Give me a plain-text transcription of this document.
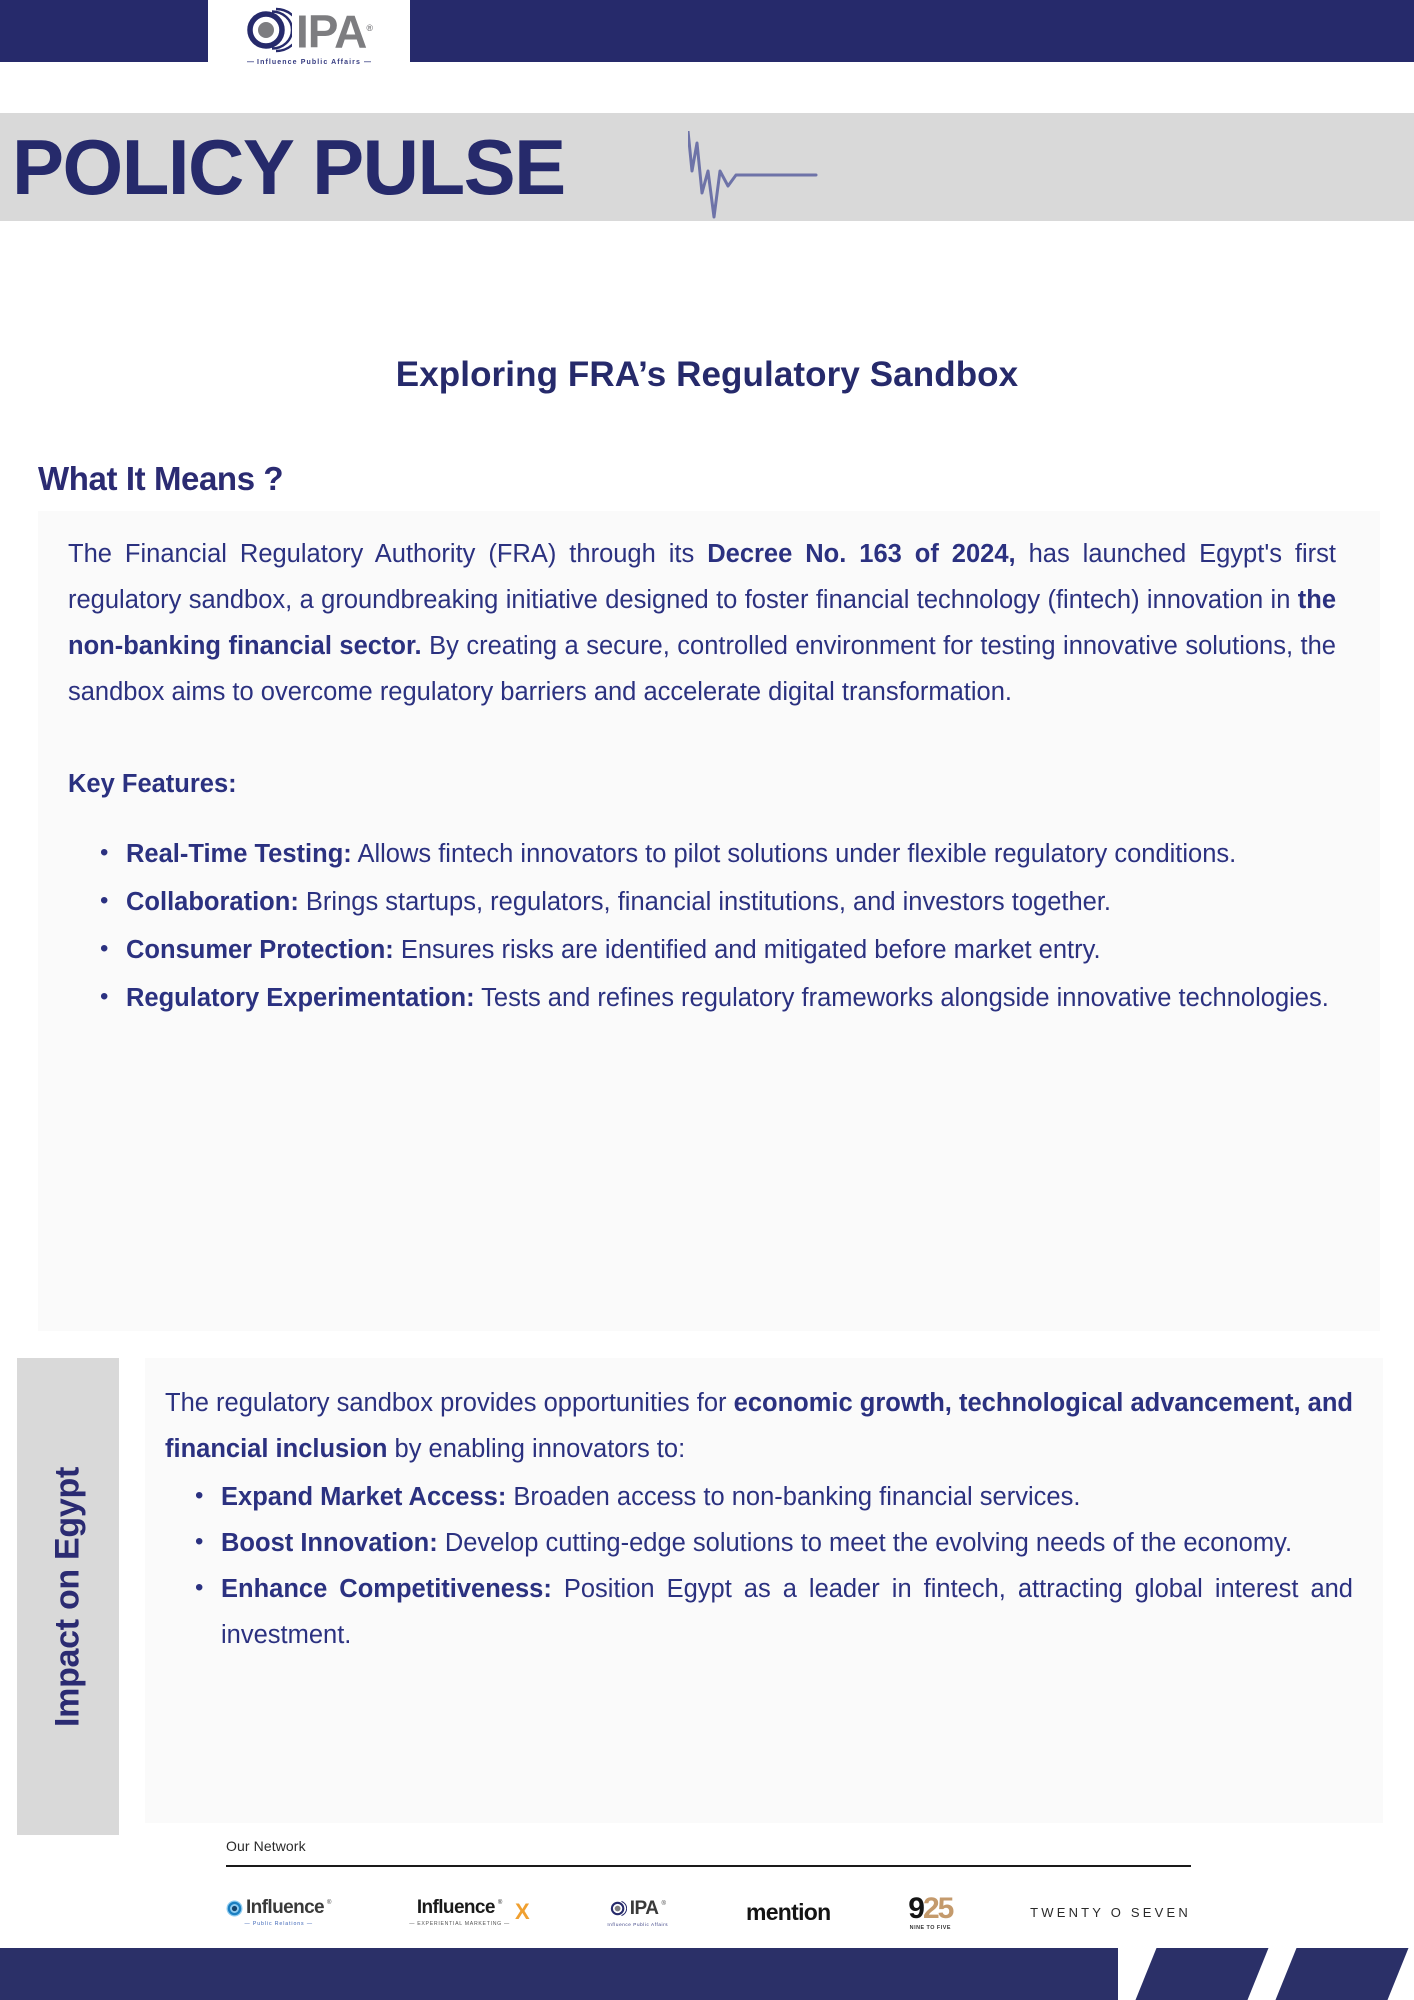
IPA®
— Influence Public Affairs —
POLICY PULSE
Exploring FRA’s Regulatory Sandbox
What It Means ?

The Financial Regulatory Authority (FRA) through its Decree No. 163 of 2024, has launched Egypt's first regulatory sandbox, a groundbreaking initiative designed to foster financial technology (fintech) innovation in the non-banking financial sector. By creating a secure, controlled environment for testing innovative solutions, the sandbox aims to overcome regulatory barriers and accelerate digital transformation.

Key Features:
• Real-Time Testing: Allows fintech innovators to pilot solutions under flexible regulatory conditions.
• Collaboration: Brings startups, regulators, financial institutions, and investors together.
• Consumer Protection: Ensures risks are identified and mitigated before market entry.
• Regulatory Experimentation: Tests and refines regulatory frameworks alongside innovative technologies.
Impact on Egypt

The regulatory sandbox provides opportunities for economic growth, technological advancement, and financial inclusion by enabling innovators to:

• Expand Market Access: Broaden access to non-banking financial services.
• Boost Innovation: Develop cutting-edge solutions to meet the evolving needs of the economy.
• Enhance Competitiveness: Position Egypt as a leader in fintech, attracting global interest and investment.
Our Network
Influence ®
— Public Relations —
Influence ®
— EXPERIENTIAL MARKETING — X	IPA ®
Influence Public Affairs	mention	925
NINE TO FIVE
TWENTY O SEVEN
